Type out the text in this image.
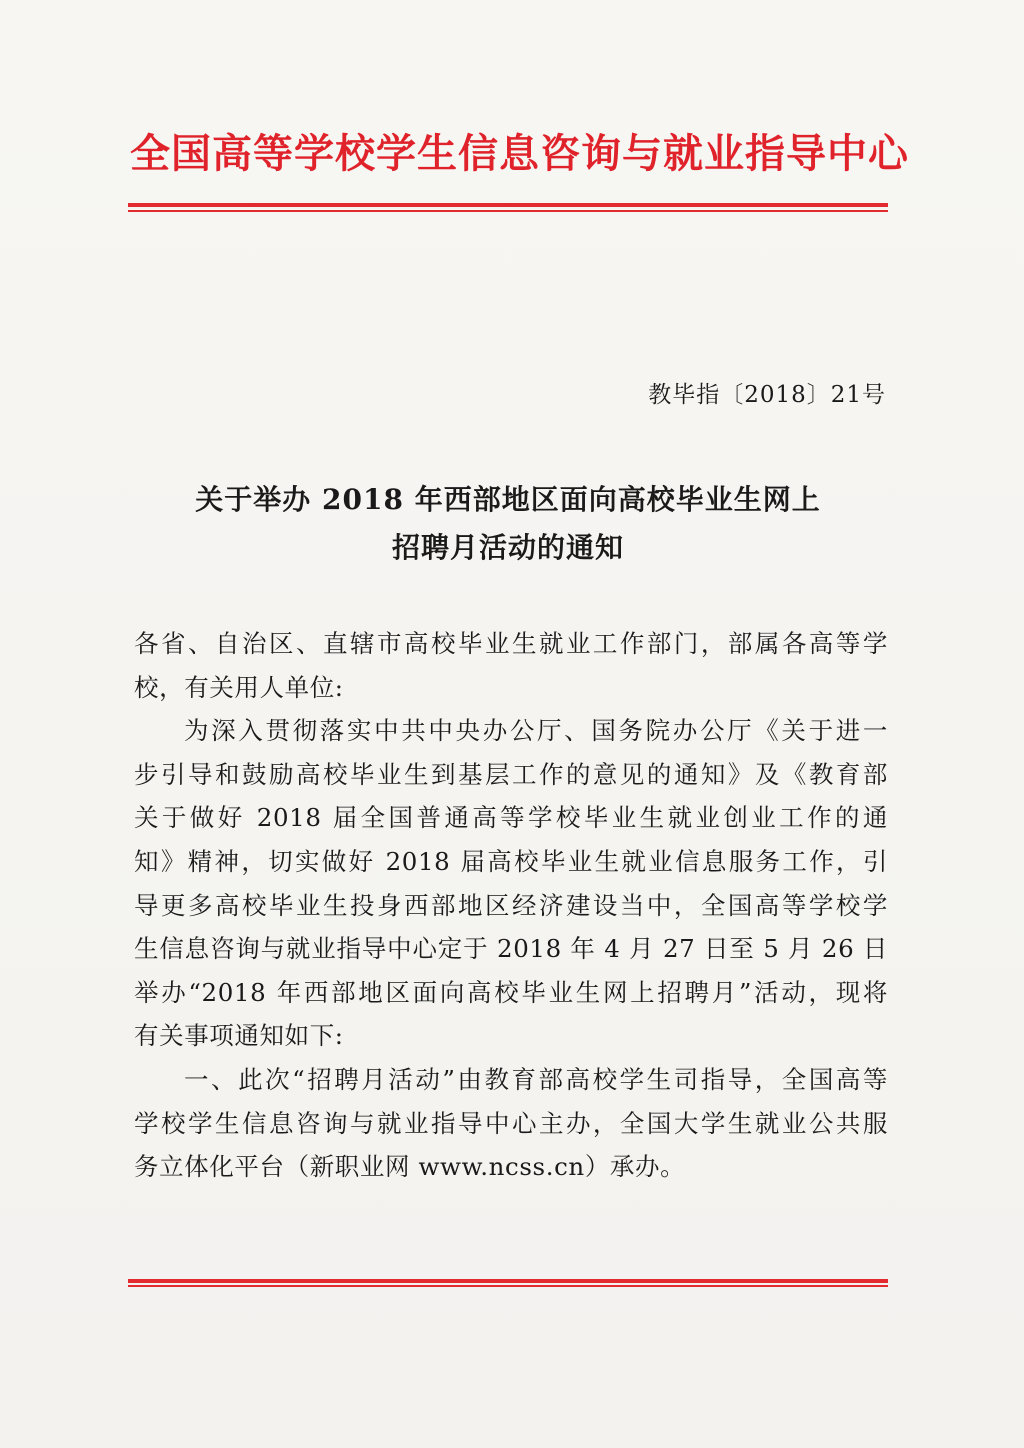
全国高等学校学生信息咨询与就业指导中心
教毕指〔2018〕21号
关于举办 2018 年西部地区面向高校毕业生网上
招聘月活动的通知
各省、自治区、直辖市高校毕业生就业工作部门，部属各高等学
校，有关用人单位:
为深入贯彻落实中共中央办公厅、国务院办公厅《关于进一
步引导和鼓励高校毕业生到基层工作的意见的通知》及《教育部
关于做好 2018 届全国普通高等学校毕业生就业创业工作的通
知》精神，切实做好 2018 届高校毕业生就业信息服务工作，引
导更多高校毕业生投身西部地区经济建设当中，全国高等学校学
生信息咨询与就业指导中心定于 2018 年 4 月 27 日至 5 月 26 日
举办“2018 年西部地区面向高校毕业生网上招聘月”活动，现将
有关事项通知如下:
一、此次“招聘月活动”由教育部高校学生司指导，全国高等
学校学生信息咨询与就业指导中心主办，全国大学生就业公共服
务立体化平台（新职业网 www.ncss.cn）承办。
